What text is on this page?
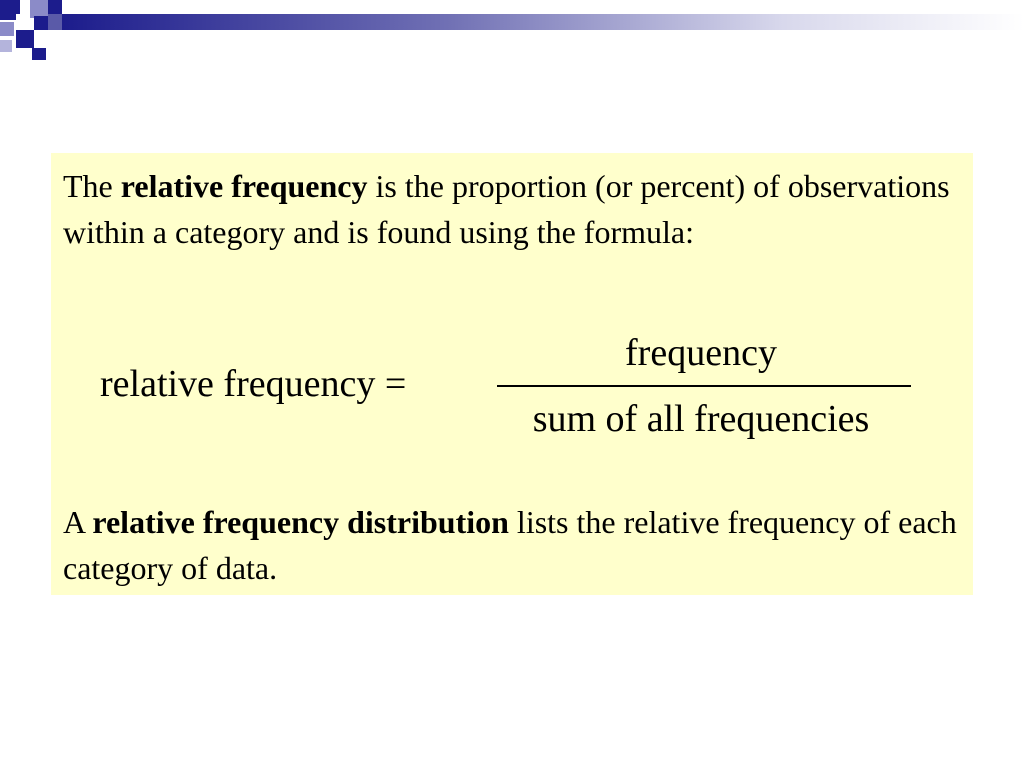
The relative frequency is the proportion (or percent) of observations within a category and is found using the formula:

relative frequency =
frequency
sum of all frequencies

A relative frequency distribution lists the relative frequency of each category of data.
